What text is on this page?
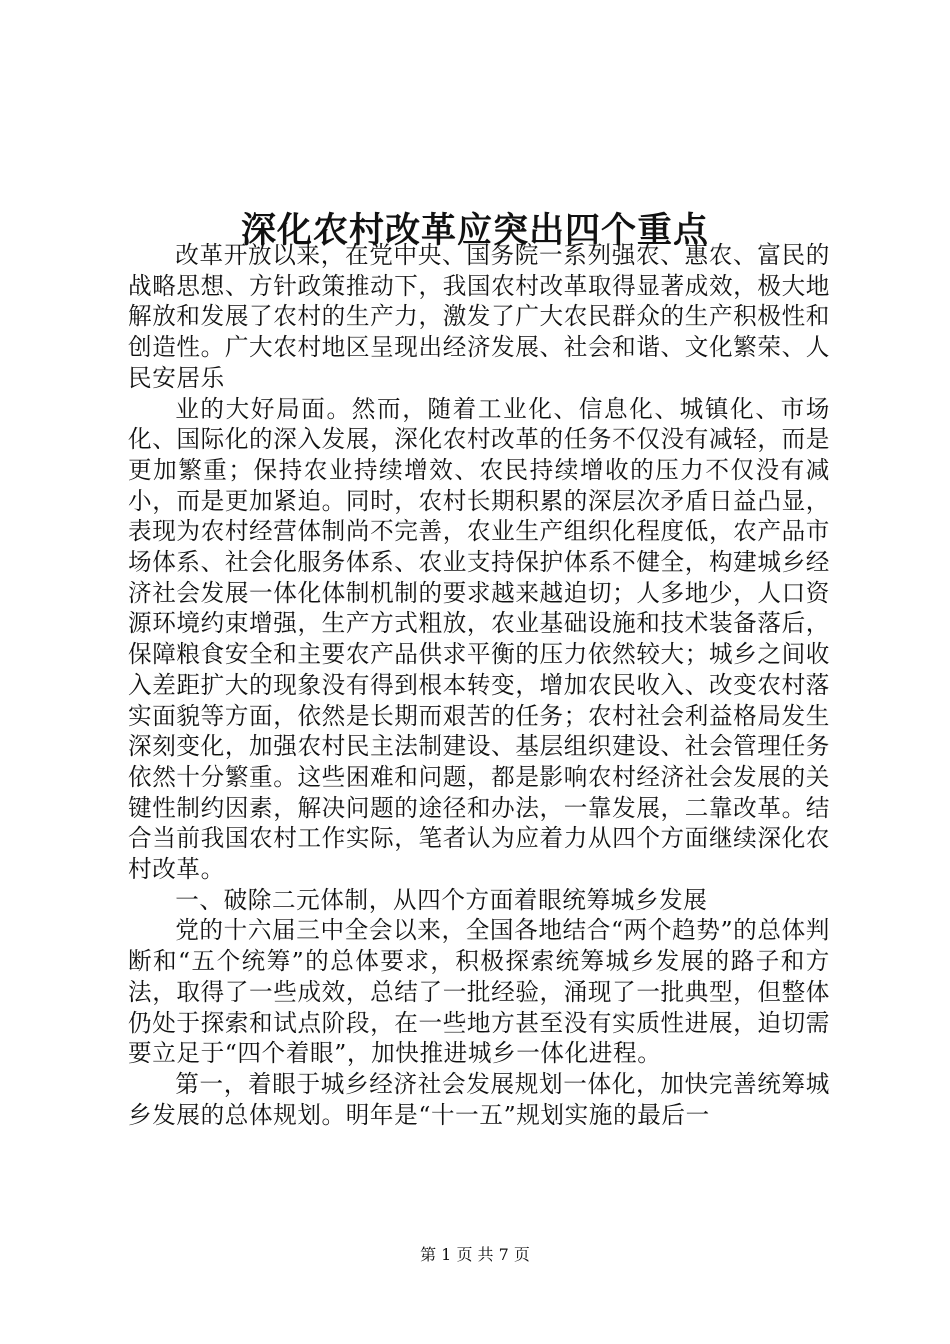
深化农村改革应突出四个重点

改革开放以来，在党中央、国务院一系列强农、惠农、富民的战略思想、方针政策推动下，我国农村改革取得显著成效，极大地解放和发展了农村的生产力，激发了广大农民群众的生产积极性和创造性。广大农村地区呈现出经济发展、社会和谐、文化繁荣、人民安居乐

业的大好局面。然而，随着工业化、信息化、城镇化、市场化、国际化的深入发展，深化农村改革的任务不仅没有减轻，而是更加繁重；保持农业持续增效、农民持续增收的压力不仅没有减小，而是更加紧迫。同时，农村长期积累的深层次矛盾日益凸显，表现为农村经营体制尚不完善，农业生产组织化程度低，农产品市场体系、社会化服务体系、农业支持保护体系不健全，构建城乡经济社会发展一体化体制机制的要求越来越迫切；人多地少，人口资源环境约束增强，生产方式粗放，农业基础设施和技术装备落后，保障粮食安全和主要农产品供求平衡的压力依然较大；城乡之间收入差距扩大的现象没有得到根本转变，增加农民收入、改变农村落实面貌等方面，依然是长期而艰苦的任务；农村社会利益格局发生深刻变化，加强农村民主法制建设、基层组织建设、社会管理任务依然十分繁重。这些困难和问题，都是影响农村经济社会发展的关键性制约因素，解决问题的途径和办法，一靠发展，二靠改革。结合当前我国农村工作实际，笔者认为应着力从四个方面继续深化农村改革。

一、破除二元体制，从四个方面着眼统筹城乡发展

党的十六届三中全会以来，全国各地结合“两个趋势”的总体判断和“五个统筹”的总体要求，积极探索统筹城乡发展的路子和方法，取得了一些成效，总结了一批经验，涌现了一批典型，但整体仍处于探索和试点阶段，在一些地方甚至没有实质性进展，迫切需要立足于“四个着眼”，加快推进城乡一体化进程。

第一，着眼于城乡经济社会发展规划一体化，加快完善统筹城乡发展的总体规划。明年是“十一五”规划实施的最后一

第 1 页 共 7 页
